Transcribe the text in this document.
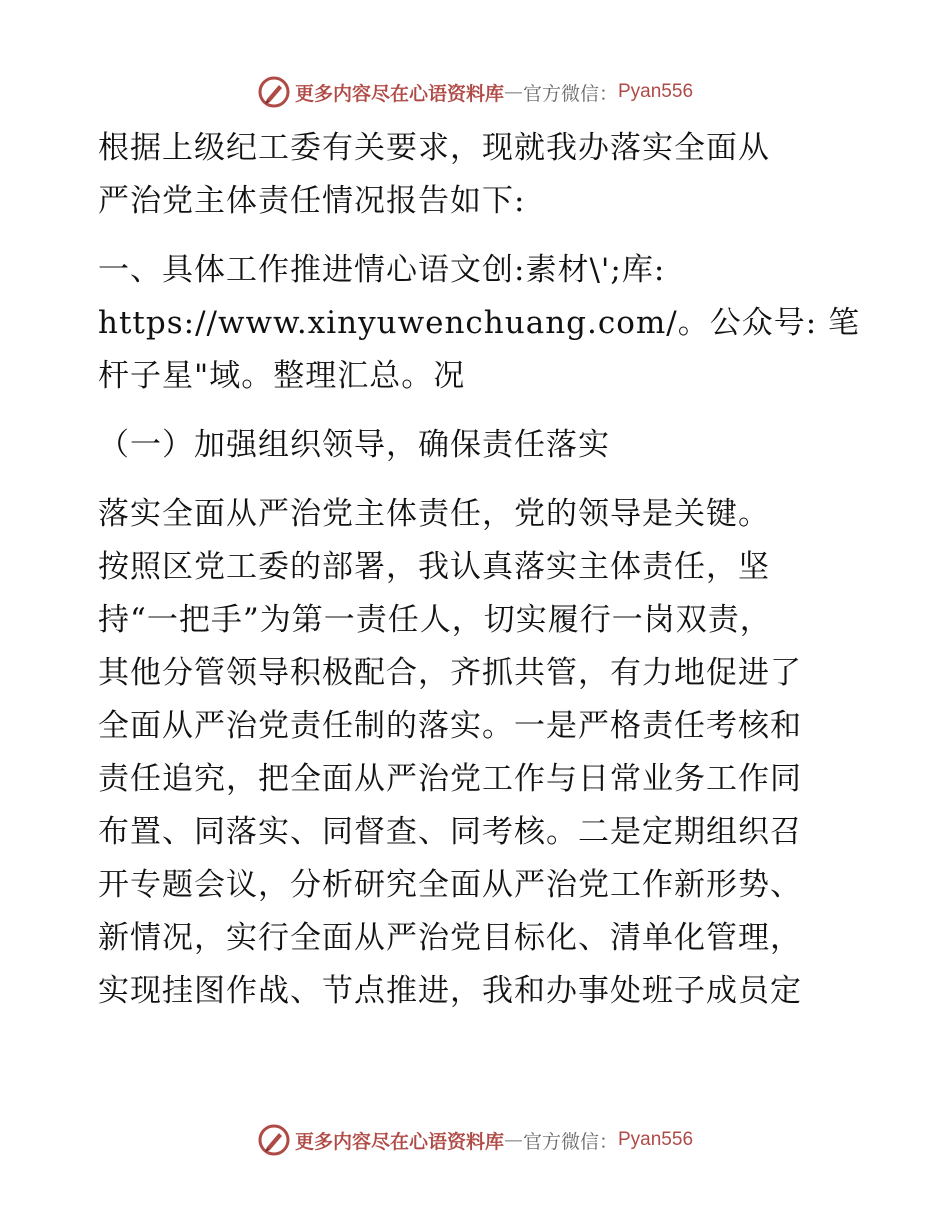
更多内容尽在心语资料库 — 官方微信： Pyan556
根据上级纪工委有关要求，现就我办落实全面从
严治党主体责任情况报告如下:
一、具体工作推进情心语文创:素材\';库:
https://www.xinyuwenchuang.com/。公众号: 笔
杆子星"域。整理汇总。况
（一）加强组织领导，确保责任落实
落实全面从严治党主体责任，党的领导是关键。
按照区党工委的部署，我认真落实主体责任，坚
持“一把手”为第一责任人，切实履行一岗双责，
其他分管领导积极配合，齐抓共管，有力地促进了
全面从严治党责任制的落实。一是严格责任考核和
责任追究，把全面从严治党工作与日常业务工作同
布置、同落实、同督查、同考核。二是定期组织召
开专题会议，分析研究全面从严治党工作新形势、
新情况，实行全面从严治党目标化、清单化管理，
实现挂图作战、节点推进，我和办事处班子成员定
更多内容尽在心语资料库 — 官方微信： Pyan556
